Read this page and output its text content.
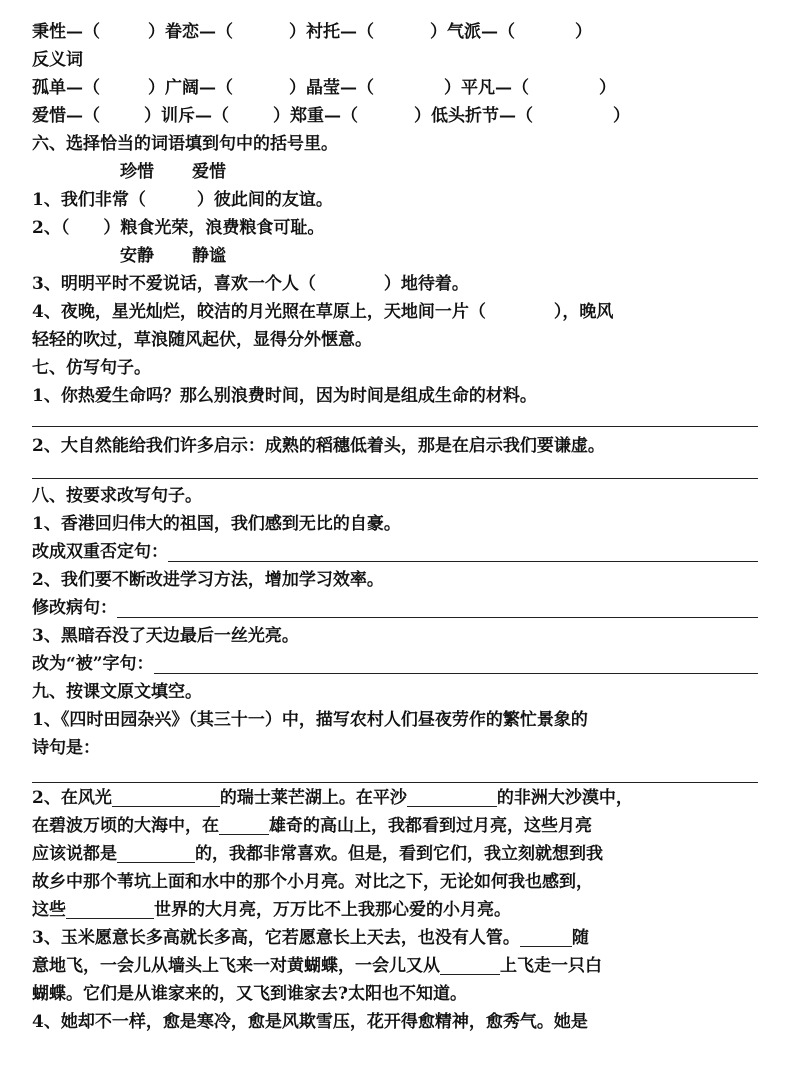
秉性—（	）眷恋—（	）衬托—（	）气派—（	）
反义词
孤单—（	）广阔—（	）晶莹—（	）平凡—（	）
爱惜—（	）训斥—（	）郑重—（	）低头折节—（	）
六、选择恰当的词语填到句中的括号里。
珍惜 爱惜
1、我们非常（　　　）彼此间的友谊。
2、（　　）粮食光荣，浪费粮食可耻。
安静 静谧
3、明明平时不爱说话，喜欢一个人（　　　　）地待着。
4、夜晚，星光灿烂，皎洁的月光照在草原上，天地间一片（　　　　），晚风
轻轻的吹过，草浪随风起伏，显得分外惬意。
七、仿写句子。
1、你热爱生命吗？那么别浪费时间，因为时间是组成生命的材料。
2、大自然能给我们许多启示：成熟的稻穗低着头，那是在启示我们要谦虚。
八、按要求改写句子。
1、香港回归伟大的祖国，我们感到无比的自豪。
改成双重否定句：
2、我们要不断改进学习方法，增加学习效率。
修改病句：
3、黑暗吞没了天边最后一丝光亮。
改为“被”字句：
九、按课文原文填空。
1、《四时田园杂兴》（其三十一）中，描写农村人们昼夜劳作的繁忙景象的
诗句是：
2、在风光	的瑞士莱芒湖上。在平沙	的非洲大沙漠中，
在碧波万顷的大海中，在	雄奇的高山上，我都看到过月亮，这些月亮
应该说都是	的，我都非常喜欢。但是，看到它们，我立刻就想到我
故乡中那个苇坑上面和水中的那个小月亮。对比之下，无论如何我也感到，
这些	世界的大月亮，万万比不上我那心爱的小月亮。
3、玉米愿意长多高就长多高，它若愿意长上天去，也没有人管。	随
意地飞，一会儿从墙头上飞来一对黄蝴蝶，一会儿又从	上飞走一只白
蝴蝶。它们是从谁家来的，又飞到谁家去?太阳也不知道。
4、她却不一样，愈是寒冷，愈是风欺雪压，花开得愈精神，愈秀气。她是
